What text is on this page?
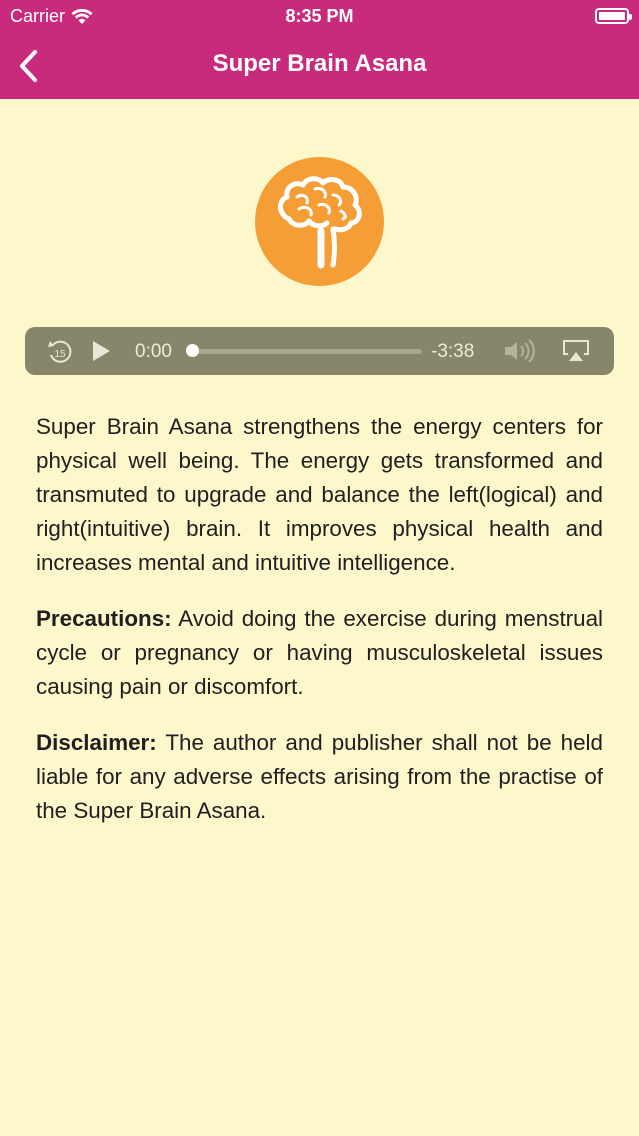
Carrier	8:35 PM
Super Brain Asana
15	0:00	-3:38

Super Brain Asana strengthens the energy centers for physical well being. The energy gets transformed and transmuted to upgrade and balance the left(logical) and right(intuitive) brain. It improves physical health and increases mental and intuitive intelligence.

Precautions: Avoid doing the exercise during menstrual cycle or pregnancy or having musculoskeletal issues causing pain or discomfort.

Disclaimer: The author and publisher shall not be held liable for any adverse effects arising from the practise of the Super Brain Asana.
